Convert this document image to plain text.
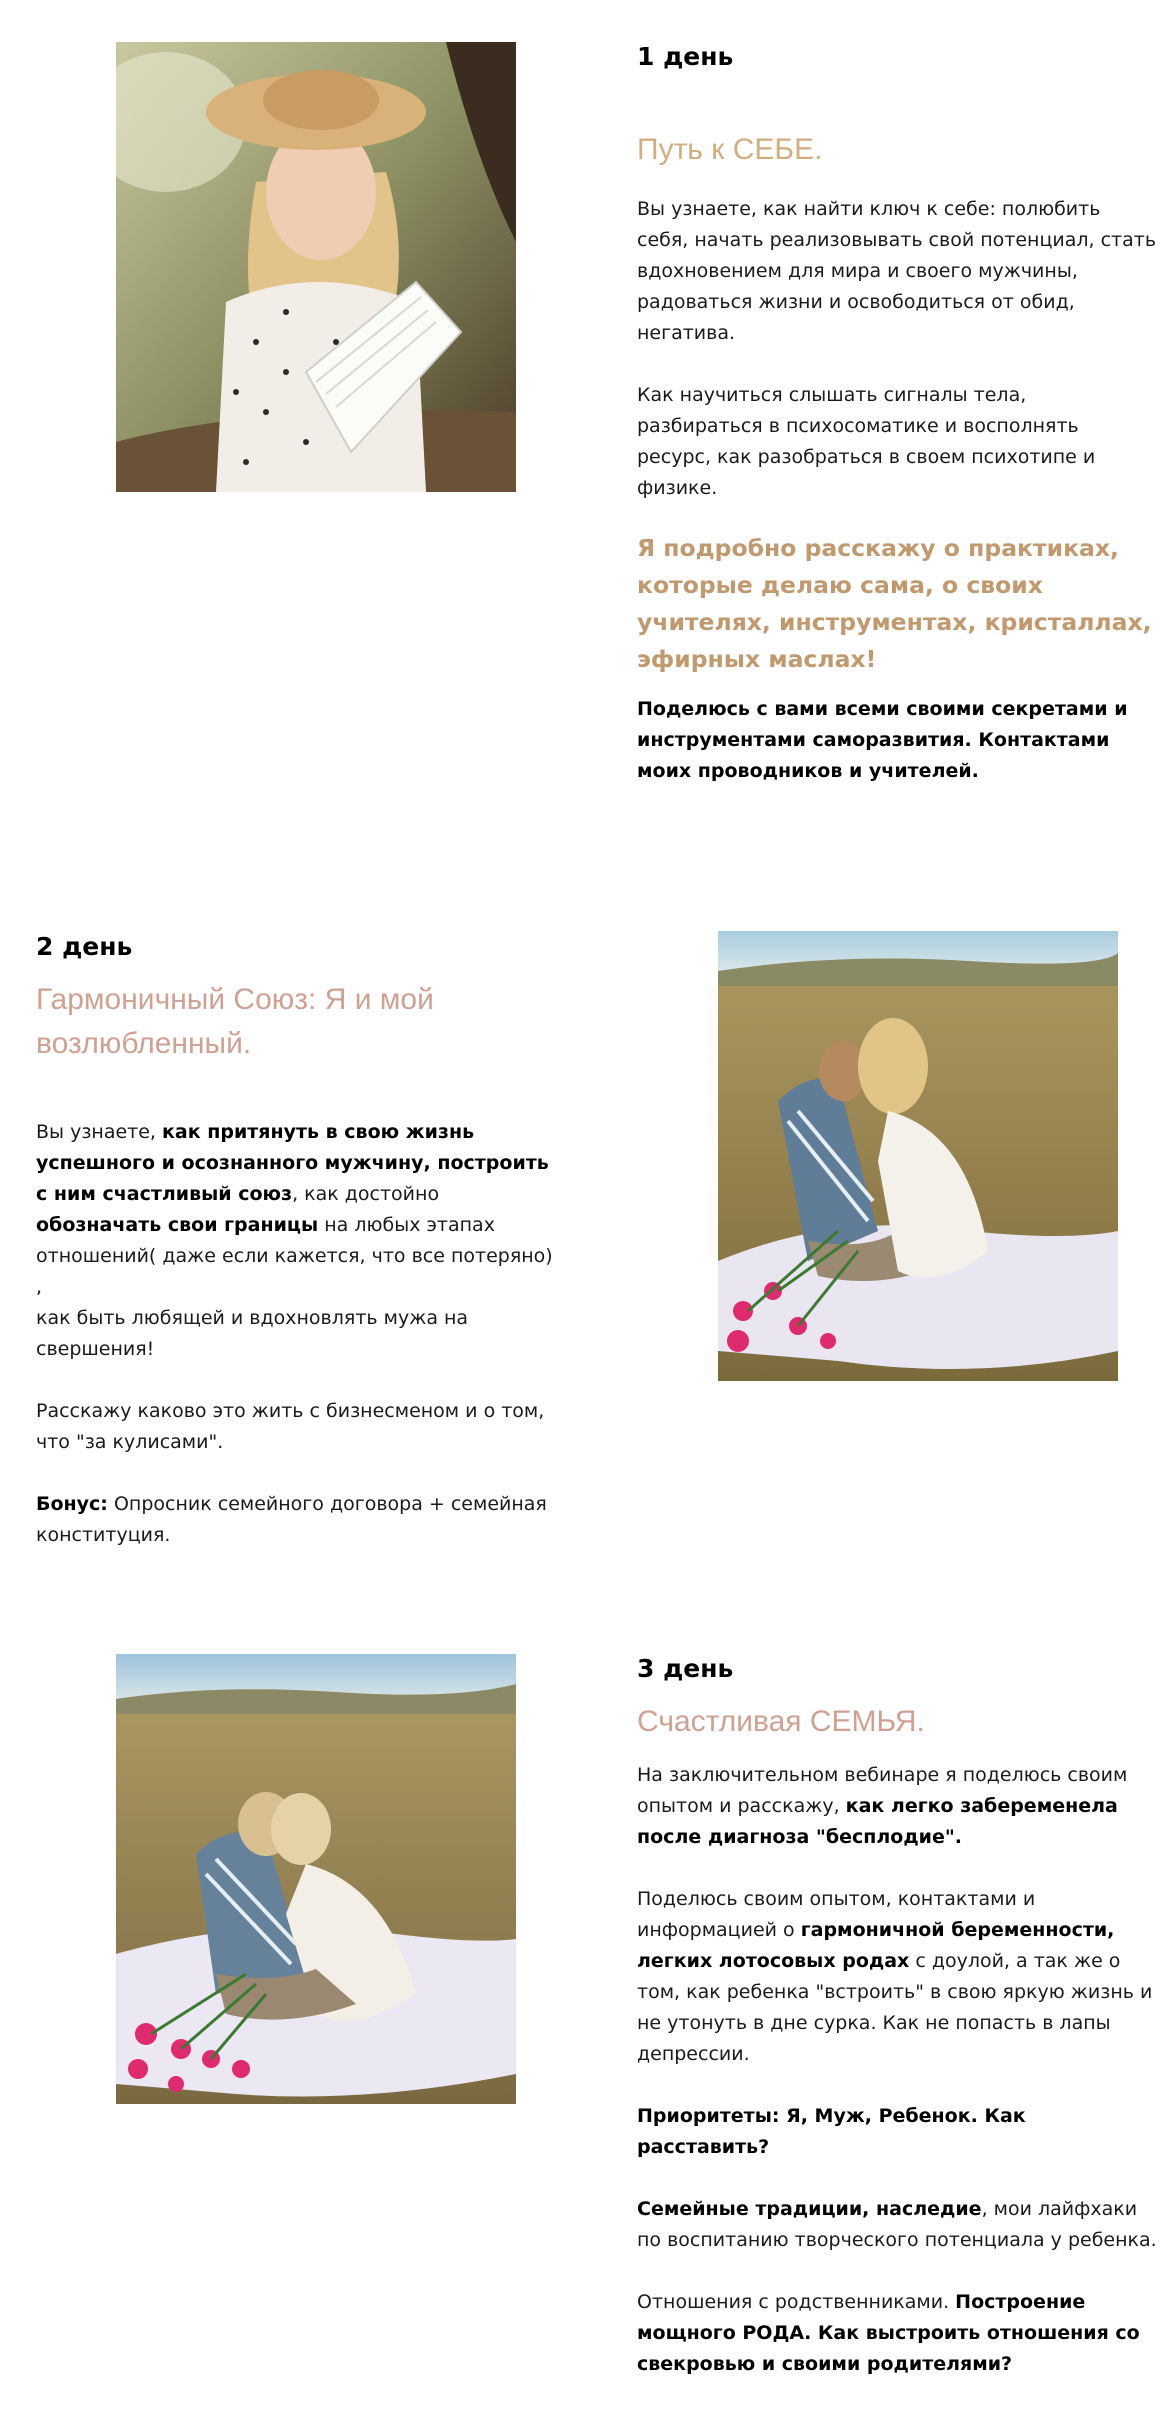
1 день
Путь к СЕБЕ.

Вы узнаете, как найти ключ к себе: полюбить себя, начать реализовывать свой потенциал, стать вдохновением для мира и своего мужчины, радоваться жизни и освободиться от обид, негатива.

Как научиться слышать сигналы тела, разбираться в психосоматике и восполнять ресурс, как разобраться в своем психотипе и физике.

Я подробно расскажу о практиках, которые делаю сама, о своих учителях, инструментах, кристаллах, эфирных маслах!

Поделюсь с вами всеми своими секретами и инструментами саморазвития. Контактами моих проводников и учителей.

2 день
Гармоничный Союз: Я и мой возлюбленный.

Вы узнаете, как притянуть в свою жизнь успешного и осознанного мужчину, построить с ним счастливый союз, как достойно обозначать свои границы на любых этапах отношений( даже если кажется, что все потеряно) ,
как быть любящей и вдохновлять мужа на свершения!

Расскажу каково это жить с бизнесменом и о том, что "за кулисами".

Бонус: Опросник семейного договора + семейная конституция.

3 день
Счастливая СЕМЬЯ.

На заключительном вебинаре я поделюсь своим опытом и расскажу, как легко забеременела после диагноза "бесплодие".

Поделюсь своим опытом, контактами и информацией о гармоничной беременности, легких лотосовых родах с доулой, а так же о том, как ребенка "встроить" в свою яркую жизнь и не утонуть в дне сурка. Как не попасть в лапы депрессии.

Приоритеты: Я, Муж, Ребенок. Как расставить?

Семейные традиции, наследие, мои лайфхаки по воспитанию творческого потенциала у ребенка.

Отношения с родственниками. Построение мощного РОДА. Как выстроить отношения со свекровью и своими родителями?
